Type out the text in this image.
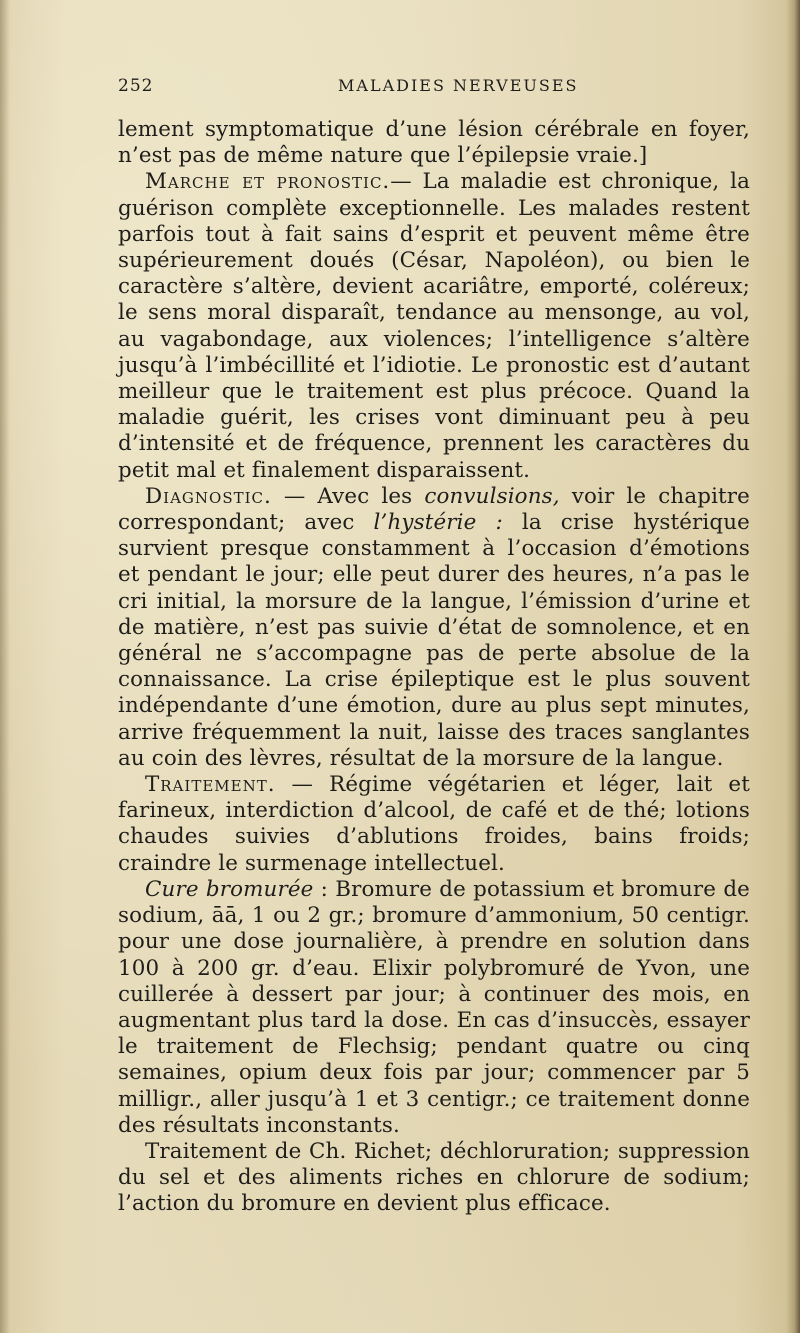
252	MALADIES NERVEUSES

lement symptomatique d’une lésion cérébrale en foyer, n’est pas de même nature que l’épilepsie vraie.]

Marche et pronostic.— La maladie est chronique, la guérison complète exceptionnelle. Les malades restent parfois tout à fait sains d’esprit et peuvent même être supérieurement doués (César, Napoléon), ou bien le caractère s’altère, devient acariâtre, emporté, coléreux; le sens moral disparaît, tendance au mensonge, au vol, au vagabondage, aux violences; l’intelligence s’altère jusqu’à l’imbécillité et l’idiotie. Le pronostic est d’autant meilleur que le traitement est plus précoce. Quand la maladie guérit, les crises vont diminuant peu à peu d’intensité et de fréquence, prennent les caractères du petit mal et finalement disparaissent.

Diagnostic. — Avec les convulsions, voir le chapitre correspondant; avec l’hystérie : la crise hystérique survient presque constamment à l’occasion d’émotions et pendant le jour; elle peut durer des heures, n’a pas le cri initial, la morsure de la langue, l’émission d’urine et de matière, n’est pas suivie d’état de somnolence, et en général ne s’accompagne pas de perte absolue de la connaissance. La crise épileptique est le plus souvent indépendante d’une émotion, dure au plus sept minutes, arrive fréquemment la nuit, laisse des traces sanglantes au coin des lèvres, résultat de la morsure de la langue.

Traitement. — Régime végétarien et léger, lait et farineux, interdiction d’alcool, de café et de thé; lotions chaudes suivies d’ablutions froides, bains froids; craindre le surmenage intellectuel.

Cure bromurée : Bromure de potassium et bromure de sodium, āā, 1 ou 2 gr.; bromure d’ammonium, 50 centigr. pour une dose journalière, à prendre en solution dans 100 à 200 gr. d’eau. Elixir polybromuré de Yvon, une cuillerée à dessert par jour; à continuer des mois, en augmentant plus tard la dose. En cas d’insuccès, essayer le traitement de Flechsig; pendant quatre ou cinq semaines, opium deux fois par jour; commencer par 5 milligr., aller jusqu’à 1 et 3 centigr.; ce traitement donne des résultats inconstants.

Traitement de Ch. Richet; déchloruration; suppression du sel et des aliments riches en chlorure de sodium; l’action du bromure en devient plus efficace.
